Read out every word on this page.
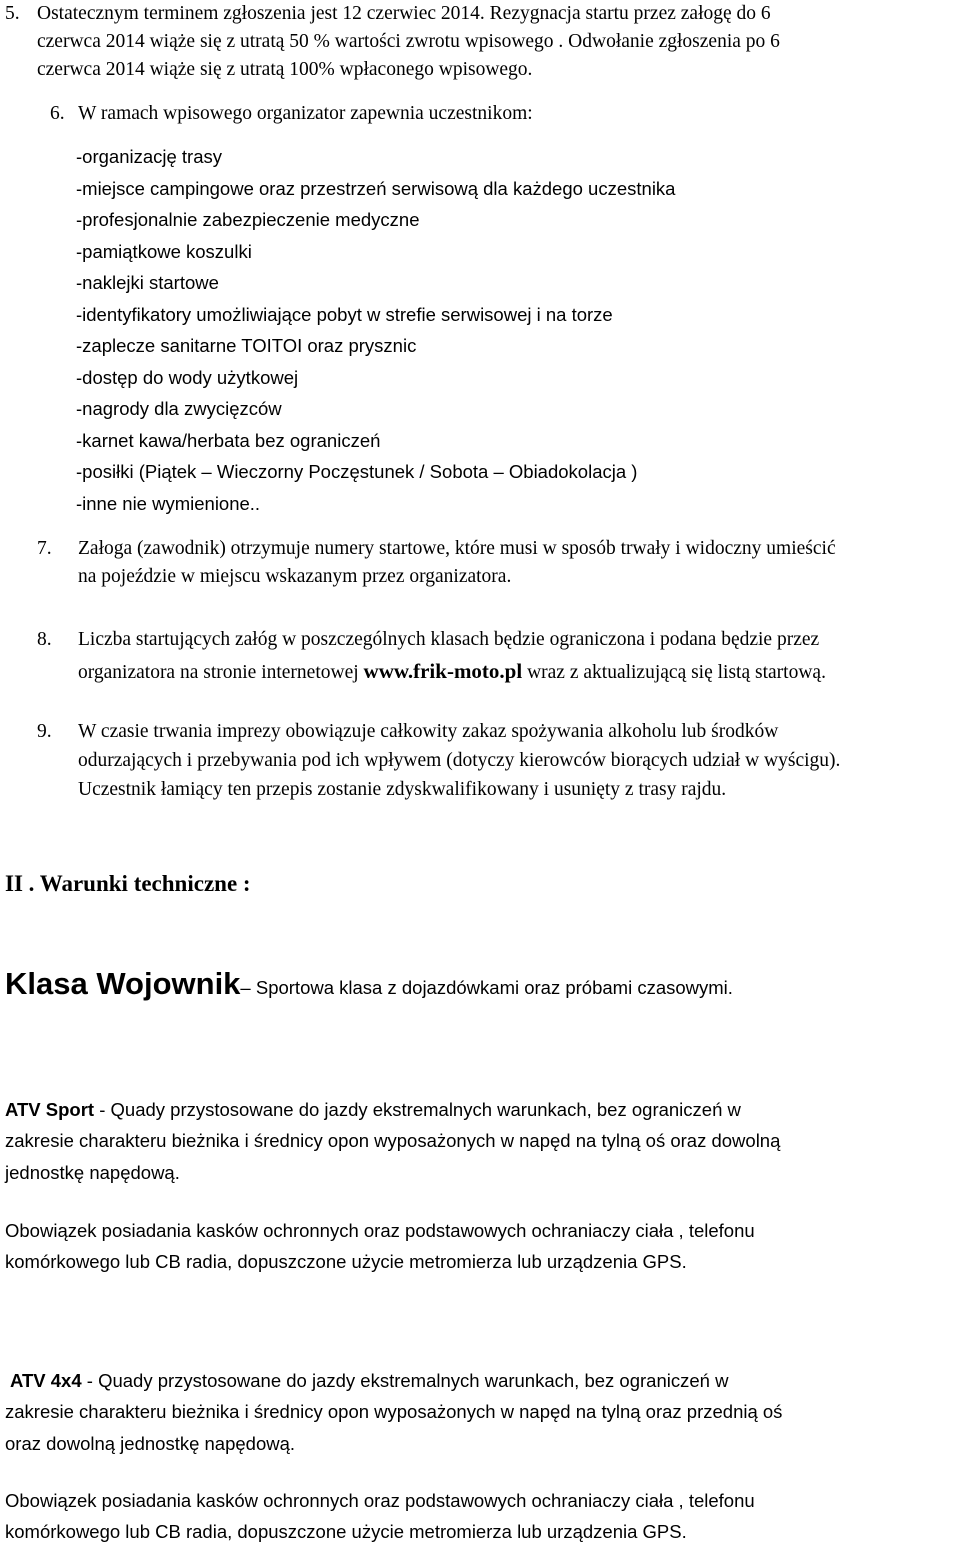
5. Ostatecznym terminem zgłoszenia jest 12 czerwiec 2014. Rezygnacja startu przez załogę do 6
czerwca 2014 wiąże się z utratą 50 % wartości zwrotu wpisowego . Odwołanie zgłoszenia po 6
czerwca 2014 wiąże się z utratą 100% wpłaconego wpisowego.
6. W ramach wpisowego organizator zapewnia uczestnikom:
-organizację trasy
-miejsce campingowe oraz przestrzeń serwisową dla każdego uczestnika
-profesjonalnie zabezpieczenie medyczne
-pamiątkowe koszulki
-naklejki startowe
-identyfikatory umożliwiające pobyt w strefie serwisowej i na torze
-zaplecze sanitarne TOITOI oraz prysznic
-dostęp do wody użytkowej
-nagrody dla zwycięzców
-karnet kawa/herbata bez ograniczeń
-posiłki (Piątek – Wieczorny Poczęstunek / Sobota – Obiadokolacja )
-inne nie wymienione..
7. Załoga (zawodnik) otrzymuje numery startowe, które musi w sposób trwały i widoczny umieścić
na pojeździe w miejscu wskazanym przez organizatora.
8. Liczba startujących załóg w poszczególnych klasach będzie ograniczona i podana będzie przez
organizatora na stronie internetowej www.frik-moto.pl wraz z aktualizującą się listą startową.
9. W czasie trwania imprezy obowiązuje całkowity zakaz spożywania alkoholu lub środków
odurzających i przebywania pod ich wpływem (dotyczy kierowców biorących udział w wyścigu).
Uczestnik łamiący ten przepis zostanie zdyskwalifikowany i usunięty z trasy rajdu.
II . Warunki techniczne :
Klasa Wojownik– Sportowa klasa z dojazdówkami oraz próbami czasowymi.
ATV Sport - Quady przystosowane do jazdy ekstremalnych warunkach, bez ograniczeń w
zakresie charakteru bieżnika i średnicy opon wyposażonych w napęd na tylną oś oraz dowolną
jednostkę napędową.
Obowiązek posiadania kasków ochronnych oraz podstawowych ochraniaczy ciała , telefonu
komórkowego lub CB radia, dopuszczone użycie metromierza lub urządzenia GPS.
ATV 4x4 - Quady przystosowane do jazdy ekstremalnych warunkach, bez ograniczeń w
zakresie charakteru bieżnika i średnicy opon wyposażonych w napęd na tylną oraz przednią oś
oraz dowolną jednostkę napędową.
Obowiązek posiadania kasków ochronnych oraz podstawowych ochraniaczy ciała , telefonu
komórkowego lub CB radia, dopuszczone użycie metromierza lub urządzenia GPS.
